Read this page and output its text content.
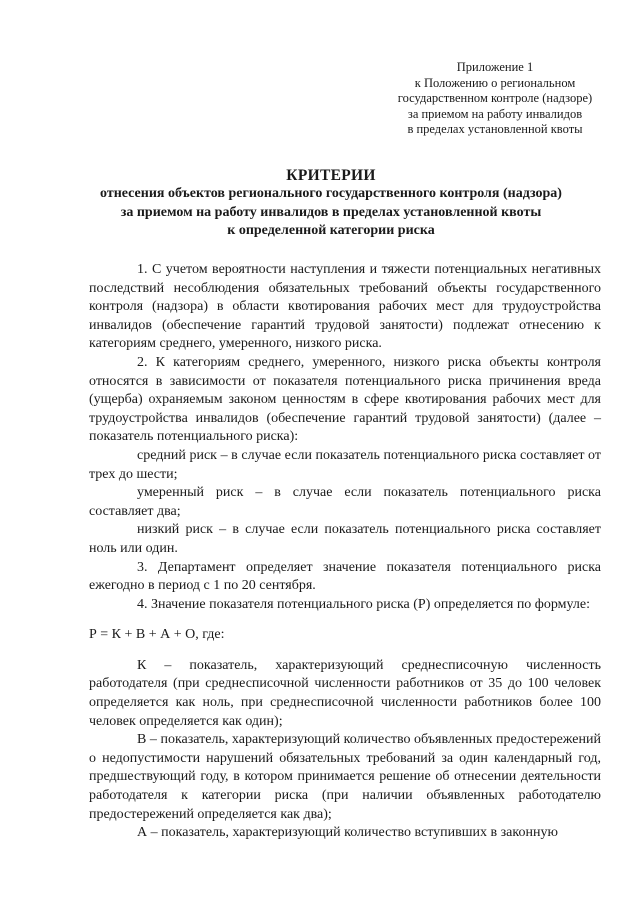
Приложение 1
к Положению о региональном
государственном контроле (надзоре)
за приемом на работу инвалидов
в пределах установленной квоты
КРИТЕРИИ
отнесения объектов регионального государственного контроля (надзора)
за приемом на работу инвалидов в пределах установленной квоты
к определенной категории риска

1. С учетом вероятности наступления и тяжести потенциальных негативных последствий несоблюдения обязательных требований объекты государственного контроля (надзора) в области квотирования рабочих мест для трудоустройства инвалидов (обеспечение гарантий трудовой занятости) подлежат отнесению к категориям среднего, умеренного, низкого риска.

2. К категориям среднего, умеренного, низкого риска объекты контроля относятся в зависимости от показателя потенциального риска причинения вреда (ущерба) охраняемым законом ценностям в сфере квотирования рабочих мест для трудоустройства инвалидов (обеспечение гарантий трудовой занятости) (далее – показатель потенциального риска):

средний риск – в случае если показатель потенциального риска составляет от трех до шести;

умеренный риск – в случае если показатель потенциального риска составляет два;

низкий риск – в случае если показатель потенциального риска составляет ноль или один.

3. Департамент определяет значение показателя потенциального риска ежегодно в период с 1 по 20 сентября.

4. Значение показателя потенциального риска (Р) определяется по формуле:

Р = К + В + А + О, где:

К – показатель, характеризующий среднесписочную численность работодателя (при среднесписочной численности работников от 35 до 100 человек определяется как ноль, при среднесписочной численности работников более 100 человек определяется как один);

В – показатель, характеризующий количество объявленных предостережений о недопустимости нарушений обязательных требований за один календарный год, предшествующий году, в котором принимается решение об отнесении деятельности работодателя к категории риска (при наличии объявленных работодателю предостережений определяется как два);

А – показатель, характеризующий количество вступивших в законную
